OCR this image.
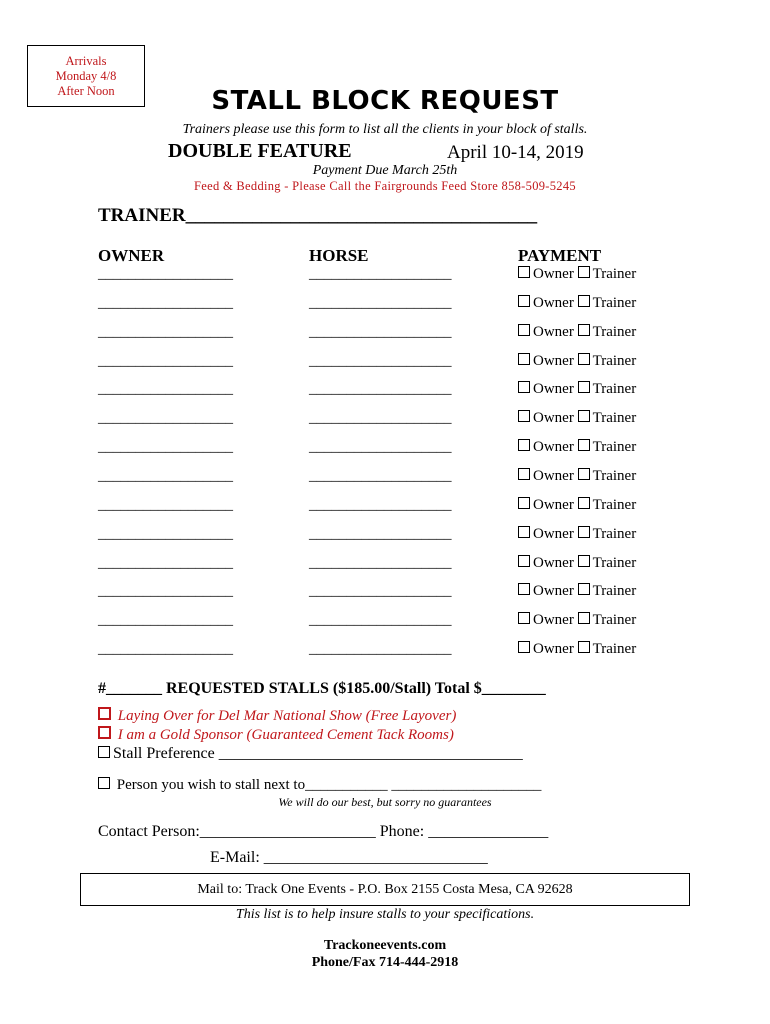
Arrivals
Monday 4/8
After Noon	STALL BLOCK REQUEST
Trainers please use this form to list all the clients in your block of stalls.
DOUBLE FEATURE	April 10-14, 2019
Payment Due March 25th
Feed & Bedding - Please Call the Fairgrounds Feed Store 858-509-5245
TRAINER_____________________________________
OWNER	HORSE	PAYMENT
__________________	___________________	Owner Trainer
__________________	___________________	Owner Trainer
__________________	___________________	Owner Trainer
__________________	___________________	Owner Trainer
__________________	___________________	Owner Trainer
__________________	___________________	Owner Trainer
__________________	___________________	Owner Trainer
__________________	___________________	Owner Trainer
__________________	___________________	Owner Trainer
__________________	___________________	Owner Trainer
__________________	___________________	Owner Trainer
__________________	___________________	Owner Trainer
__________________	___________________	Owner Trainer
__________________	___________________	Owner Trainer
#_______ REQUESTED STALLS ($185.00/Stall) Total $________
Laying Over for Del Mar National Show (Free Layover)
I am a Gold Sponsor (Guaranteed Cement Tack Rooms)
Stall Preference ______________________________________
Person you wish to stall next to___________ ____________________
We will do our best, but sorry no guarantees
Contact Person:______________________ Phone: _______________
E-Mail: ____________________________
Mail to: Track One Events - P.O. Box 2155 Costa Mesa, CA 92628
This list is to help insure stalls to your specifications.
Trackoneevents.com
Phone/Fax 714-444-2918
